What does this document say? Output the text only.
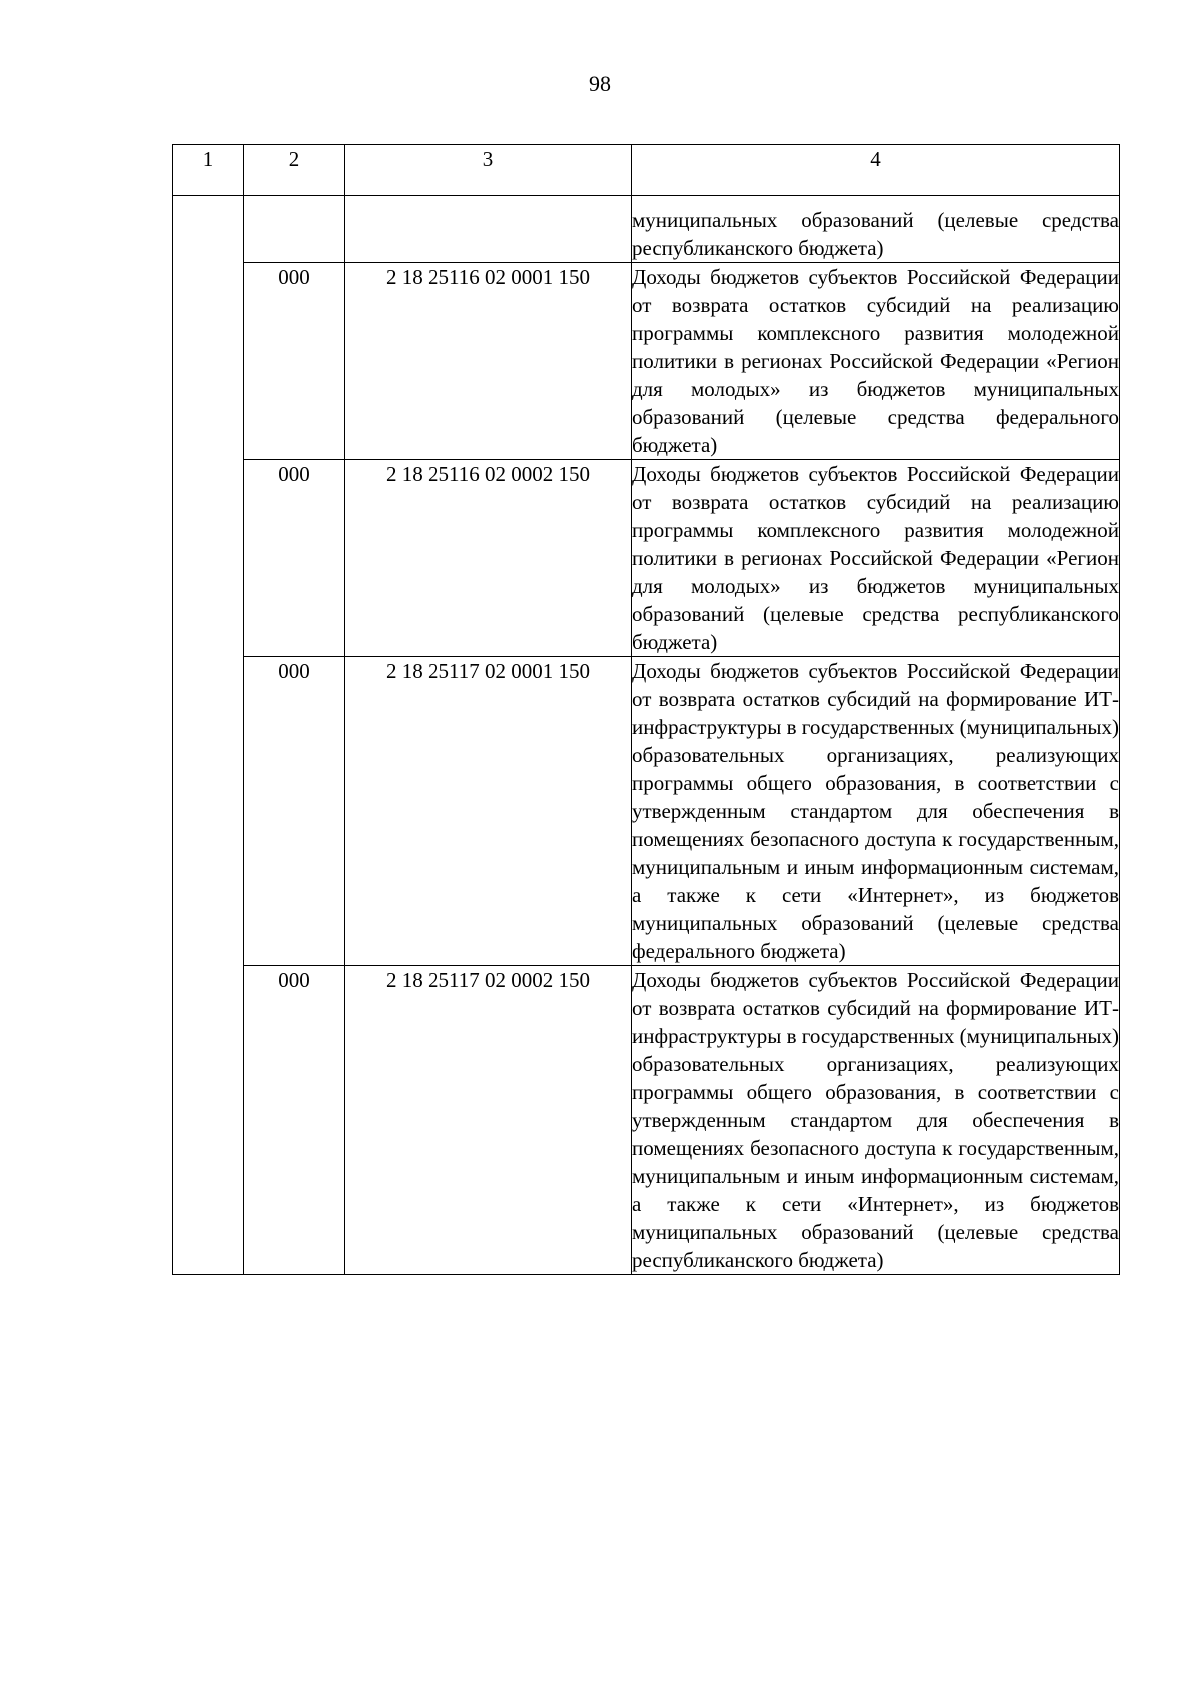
98
1	2	3	4
			муниципальных образований (целевые средства республиканского бюджета)
	000	2 18 25116 02 0001 150	Доходы бюджетов субъектов Российской Федерации от возврата остатков субсидий на реализацию программы комплексного развития молодежной политики в регионах Российской Федерации «Регион для молодых» из бюджетов муниципальных образований (целевые средства федерального бюджета)
	000	2 18 25116 02 0002 150	Доходы бюджетов субъектов Российской Федерации от возврата остатков субсидий на реализацию программы комплексного развития молодежной политики в регионах Российской Федерации «Регион для молодых» из бюджетов муниципальных образований (целевые средства республиканского бюджета)
	000	2 18 25117 02 0001 150	Доходы бюджетов субъектов Российской Федерации от возврата остатков субсидий на формирование ИТ-инфраструктуры в государственных (муниципальных) образовательных организациях, реализующих программы общего образования, в соответствии с утвержденным стандартом для обеспечения в помещениях безопасного доступа к государственным, муниципальным и иным информационным системам, а также к сети «Интернет», из бюджетов муниципальных образований (целевые средства федерального бюджета)
	000	2 18 25117 02 0002 150	Доходы бюджетов субъектов Российской Федерации от возврата остатков субсидий на формирование ИТ-инфраструктуры в государственных (муниципальных) образовательных организациях, реализующих программы общего образования, в соответствии с утвержденным стандартом для обеспечения в помещениях безопасного доступа к государственным, муниципальным и иным информационным системам, а также к сети «Интернет», из бюджетов муниципальных образований (целевые средства республиканского бюджета)
